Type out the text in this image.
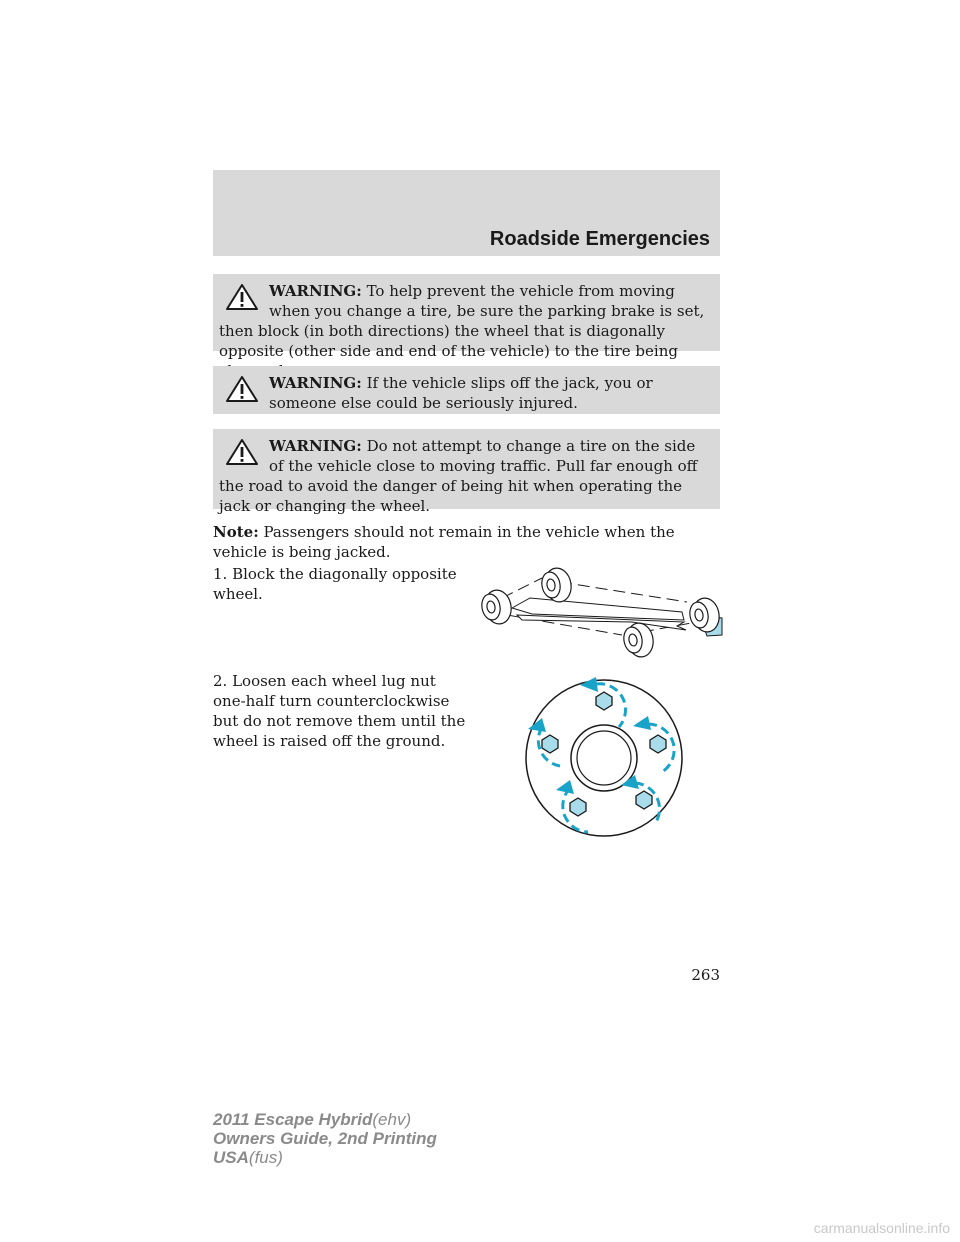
Roadside Emergencies
WARNING: To help prevent the vehicle from moving when you change a tire, be sure the parking brake is set, then block (in both directions) the wheel that is diagonally opposite (other side and end of the vehicle) to the tire being
WARNING: If the vehicle slips off the jack, you or someone else could be seriously injured.
WARNING: Do not attempt to change a tire on the side of the vehicle close to moving traffic. Pull far enough off the road to avoid the danger of being hit when operating the jack or changing the wheel.
Note: Passengers should not remain in the vehicle when the vehicle is being jacked.
1. Block the diagonally opposite wheel.
2. Loosen each wheel lug nut one-half turn counterclockwise but do not remove them until the wheel is raised off the ground.
263
2011 Escape Hybrid(ehv)
Owners Guide, 2nd Printing
USA(fus)
carmanualsonline.info
